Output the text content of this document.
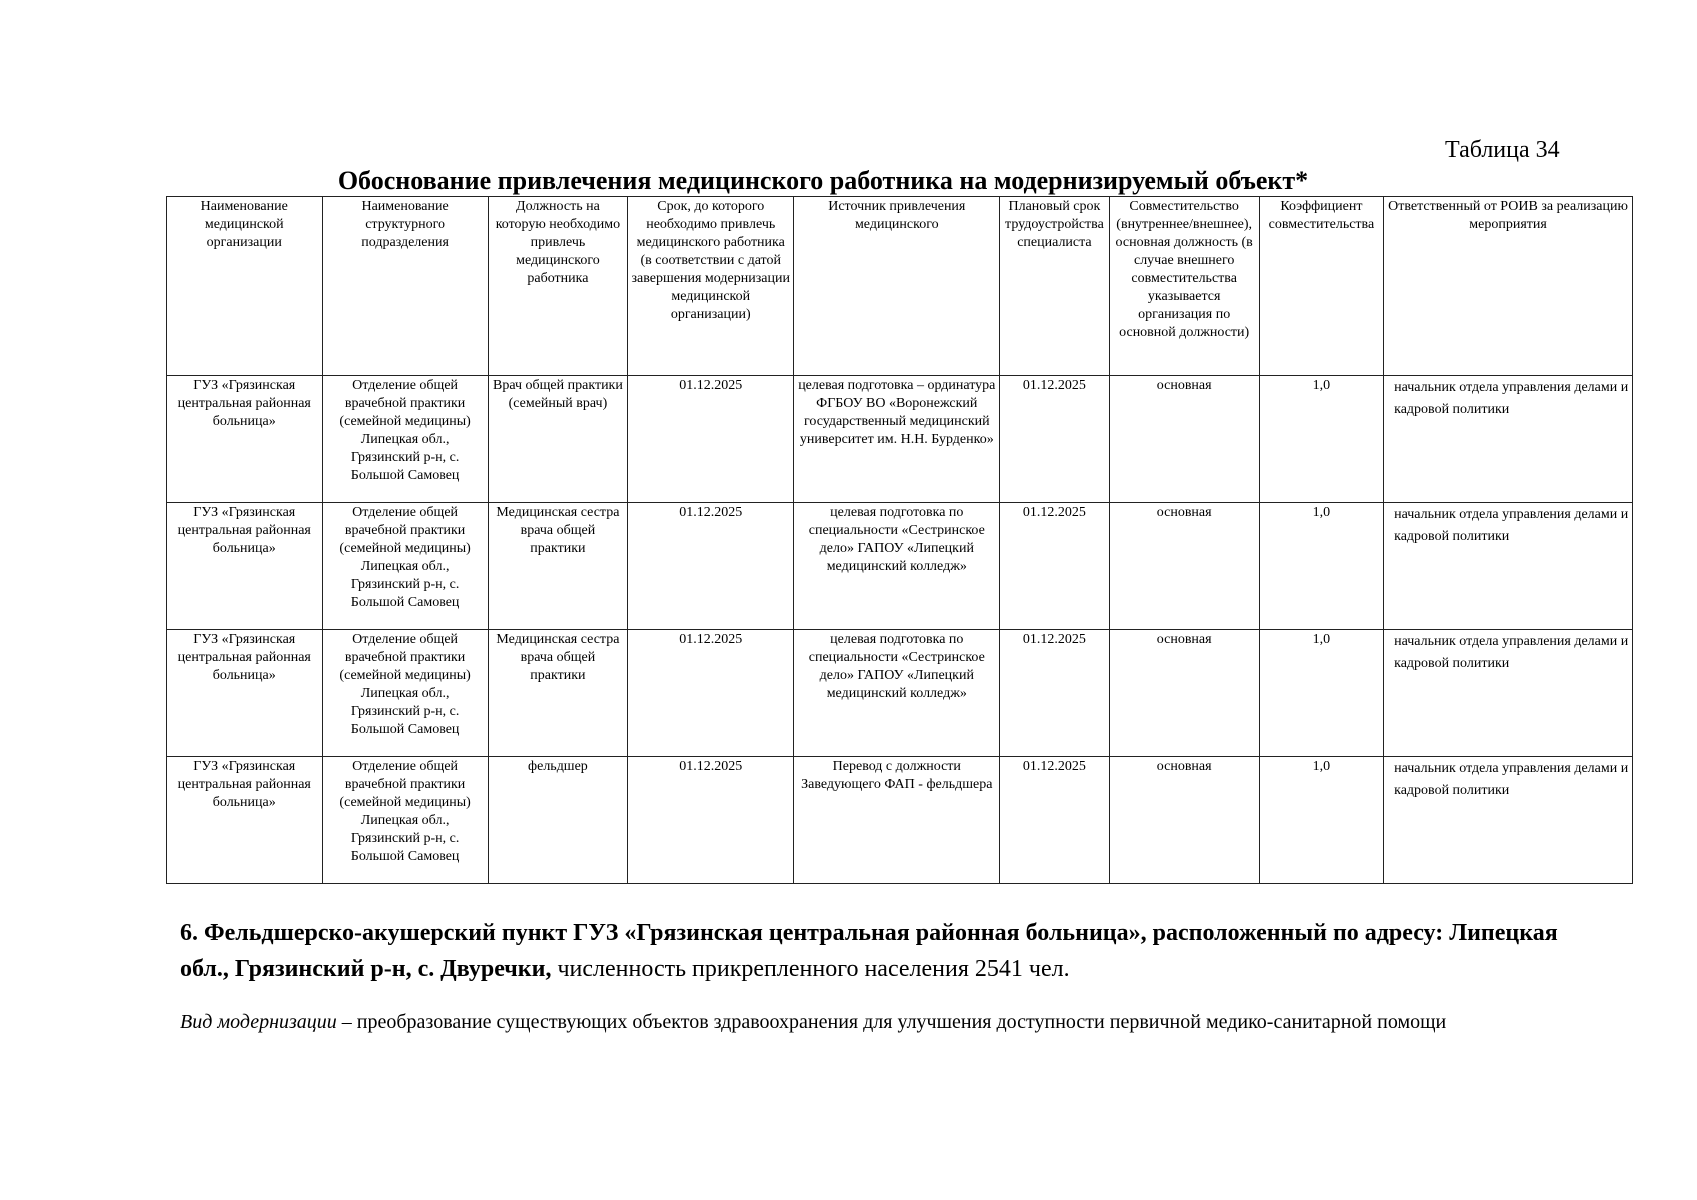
Таблица 34
Обоснование привлечения медицинского работника на модернизируемый объект*
Наименование медицинской организации	Наименование структурного подразделения	Должность на которую необходимо привлечь медицинского работника	Срок, до которого необходимо привлечь медицинского работника (в соответствии с датой завершения модернизации медицинской организации)	Источник привлечения медицинского	Плановый срок трудоустройства специалиста	Совместительство (внутреннее/внешнее), основная должность (в случае внешнего совместительства указывается организация по основной должности)	Коэффициент совместительства	Ответственный от РОИВ за реализацию мероприятия
ГУЗ «Грязинская центральная районная больница»	Отделение общей врачебной практики (семейной медицины) Липецкая обл., Грязинский р-н, с. Большой Самовец	Врач общей практики (семейный врач)	01.12.2025	целевая подготовка – ординатура ФГБОУ ВО «Воронежский государственный медицинский университет им. Н.Н. Бурденко»	01.12.2025	основная	1,0	начальник отдела управления делами и кадровой политики
ГУЗ «Грязинская центральная районная больница»	Отделение общей врачебной практики (семейной медицины) Липецкая обл., Грязинский р-н, с. Большой Самовец	Медицинская сестра врача общей практики	01.12.2025	целевая подготовка по специальности «Сестринское дело» ГАПОУ «Липецкий медицинский колледж»	01.12.2025	основная	1,0	начальник отдела управления делами и кадровой политики
ГУЗ «Грязинская центральная районная больница»	Отделение общей врачебной практики (семейной медицины) Липецкая обл., Грязинский р-н, с. Большой Самовец	Медицинская сестра врача общей практики	01.12.2025	целевая подготовка по специальности «Сестринское дело» ГАПОУ «Липецкий медицинский колледж»	01.12.2025	основная	1,0	начальник отдела управления делами и кадровой политики
ГУЗ «Грязинская центральная районная больница»	Отделение общей врачебной практики (семейной медицины) Липецкая обл., Грязинский р-н, с. Большой Самовец	фельдшер	01.12.2025	Перевод с должности Заведующего ФАП - фельдшера	01.12.2025	основная	1,0	начальник отдела управления делами и кадровой политики
6. Фельдшерско-акушерский пункт ГУЗ «Грязинская центральная районная больница», расположенный по адресу: Липецкая обл., Грязинский р-н, с. Двуречки, численность прикрепленного населения 2541 чел.
Вид модернизации – преобразование существующих объектов здравоохранения для улучшения доступности первичной медико-санитарной помощи
